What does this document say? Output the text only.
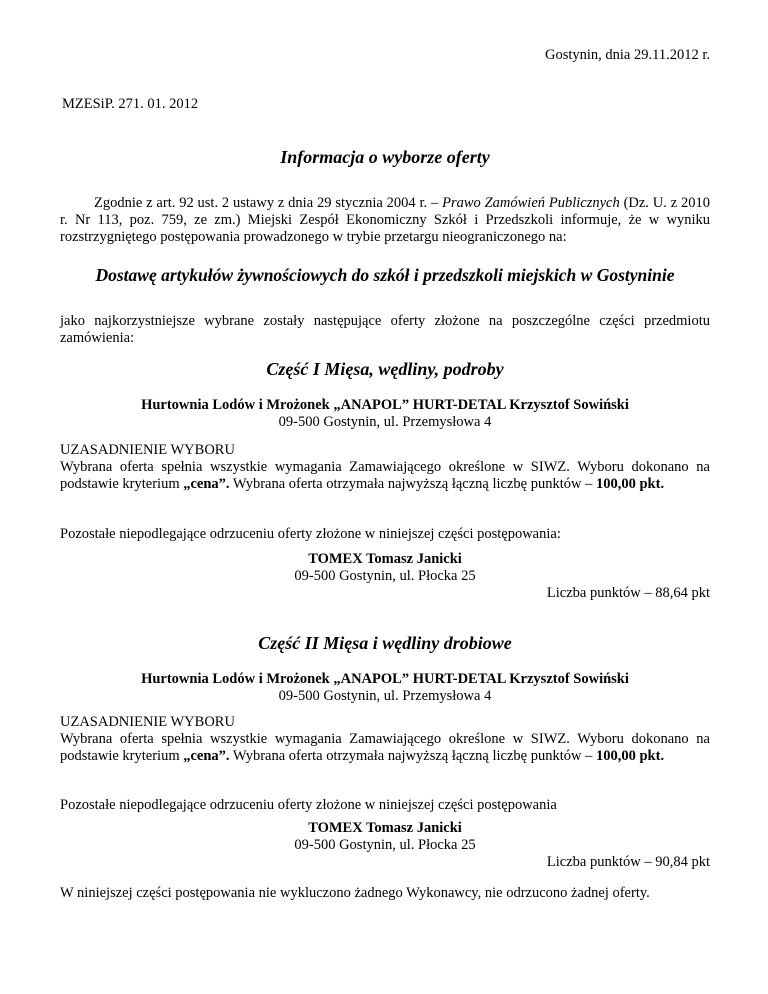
Gostynin, dnia 29.11.2012 r.
MZESiP. 271. 01. 2012
Informacja o wyborze oferty
Zgodnie z art. 92 ust. 2 ustawy z dnia 29 stycznia 2004 r. – Prawo Zamówień Publicznych (Dz. U. z 2010 r. Nr 113, poz. 759, ze zm.) Miejski Zespół Ekonomiczny Szkół i Przedszkoli informuje, że w wyniku rozstrzygniętego postępowania prowadzonego w trybie przetargu nieograniczonego na:
Dostawę artykułów żywnościowych do szkół i przedszkoli miejskich w Gostyninie
jako najkorzystniejsze wybrane zostały następujące oferty złożone na poszczególne części przedmiotu zamówienia:
Część I Mięsa, wędliny, podroby
Hurtownia Lodów i Mrożonek „ANAPOL” HURT-DETAL Krzysztof Sowiński
09-500 Gostynin, ul. Przemysłowa 4
UZASADNIENIE WYBORU
Wybrana oferta spełnia wszystkie wymagania Zamawiającego określone w SIWZ. Wyboru dokonano na podstawie kryterium „cena”. Wybrana oferta otrzymała najwyższą łączną liczbę punktów – 100,00 pkt.
Pozostałe niepodlegające odrzuceniu oferty złożone w niniejszej części postępowania:
TOMEX Tomasz Janicki
09-500 Gostynin, ul. Płocka 25
Liczba punktów – 88,64 pkt
Część II Mięsa i wędliny drobiowe
Hurtownia Lodów i Mrożonek „ANAPOL” HURT-DETAL Krzysztof Sowiński
09-500 Gostynin, ul. Przemysłowa 4
UZASADNIENIE WYBORU
Wybrana oferta spełnia wszystkie wymagania Zamawiającego określone w SIWZ. Wyboru dokonano na podstawie kryterium „cena”. Wybrana oferta otrzymała najwyższą łączną liczbę punktów – 100,00 pkt.
Pozostałe niepodlegające odrzuceniu oferty złożone w niniejszej części postępowania
TOMEX Tomasz Janicki
09-500 Gostynin, ul. Płocka 25
Liczba punktów – 90,84 pkt
W niniejszej części postępowania nie wykluczono żadnego Wykonawcy, nie odrzucono żadnej oferty.
